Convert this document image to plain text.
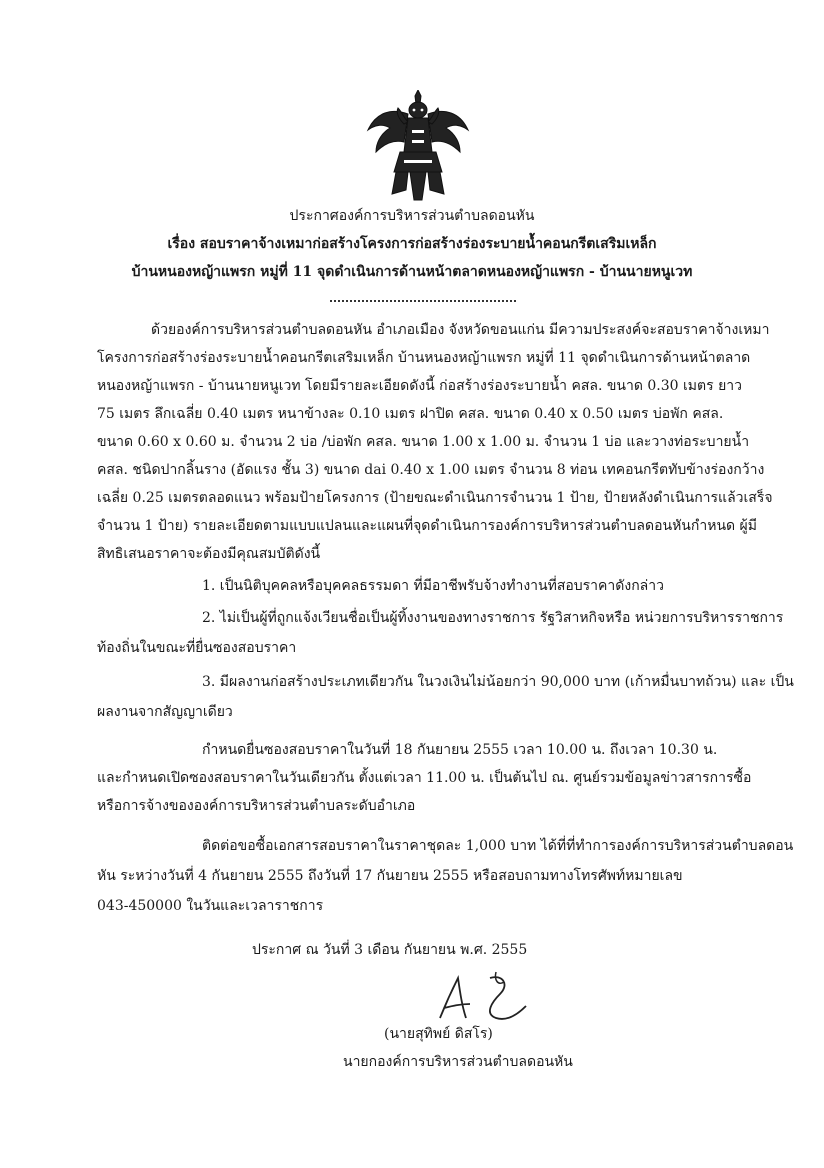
ประกาศองค์การบริหารส่วนตำบลดอนหัน
เรื่อง สอบราคาจ้างเหมาก่อสร้างโครงการก่อสร้างร่องระบายน้ำคอนกรีตเสริมเหล็ก
บ้านหนองหญ้าแพรก หมู่ที่ 11 จุดดำเนินการด้านหน้าตลาดหนองหญ้าแพรก - บ้านนายหนูเวท
ด้วยองค์การบริหารส่วนตำบลดอนหัน อำเภอเมือง จังหวัดขอนแก่น มีความประสงค์จะสอบราคาจ้างเหมา
โครงการก่อสร้างร่องระบายน้ำคอนกรีตเสริมเหล็ก บ้านหนองหญ้าแพรก หมู่ที่ 11 จุดดำเนินการด้านหน้าตลาด
หนองหญ้าแพรก - บ้านนายหนูเวท โดยมีรายละเอียดดังนี้ ก่อสร้างร่องระบายน้ำ คสล. ขนาด 0.30 เมตร ยาว
75 เมตร ลึกเฉลี่ย 0.40 เมตร หนาข้างละ 0.10 เมตร ฝาปิด คสล. ขนาด 0.40 x 0.50 เมตร บ่อพัก คสล.
ขนาด 0.60 x 0.60 ม. จำนวน 2 บ่อ /บ่อพัก คสล. ขนาด 1.00 x 1.00 ม. จำนวน 1 บ่อ และวางท่อระบายน้ำ
คสล. ชนิดปากลิ้นราง (อัดแรง ชั้น 3) ขนาด dai 0.40 x 1.00 เมตร จำนวน 8 ท่อน เทคอนกรีตทับข้างร่องกว้าง
เฉลี่ย 0.25 เมตรตลอดแนว พร้อมป้ายโครงการ (ป้ายขณะดำเนินการจำนวน 1 ป้าย, ป้ายหลังดำเนินการแล้วเสร็จ
จำนวน 1 ป้าย) รายละเอียดตามแบบแปลนและแผนที่จุดดำเนินการองค์การบริหารส่วนตำบลดอนหันกำหนด ผู้มี
สิทธิเสนอราคาจะต้องมีคุณสมบัติดังนี้
1. เป็นนิติบุคคลหรือบุคคลธรรมดา ที่มีอาชีพรับจ้างทำงานที่สอบราคาดังกล่าว
2. ไม่เป็นผู้ที่ถูกแจ้งเวียนชื่อเป็นผู้ทิ้งงานของทางราชการ รัฐวิสาหกิจหรือ หน่วยการบริหารราชการ
ท้องถิ่นในขณะที่ยื่นซองสอบราคา
3. มีผลงานก่อสร้างประเภทเดียวกัน ในวงเงินไม่น้อยกว่า 90,000 บาท (เก้าหมื่นบาทถ้วน) และ เป็น
ผลงานจากสัญญาเดียว
กำหนดยื่นซองสอบราคาในวันที่ 18 กันยายน 2555 เวลา 10.00 น. ถึงเวลา 10.30 น.
และกำหนดเปิดซองสอบราคาในวันเดียวกัน ตั้งแต่เวลา 11.00 น. เป็นต้นไป ณ. ศูนย์รวมข้อมูลข่าวสารการซื้อ
หรือการจ้างขององค์การบริหารส่วนตำบลระดับอำเภอ
ติดต่อขอซื้อเอกสารสอบราคาในราคาชุดละ 1,000 บาท ได้ที่ที่ทำการองค์การบริหารส่วนตำบลดอน
หัน ระหว่างวันที่ 4 กันยายน 2555 ถึงวันที่ 17 กันยายน 2555 หรือสอบถามทางโทรศัพท์หมายเลข
043-450000 ในวันและเวลาราชการ
ประกาศ ณ วันที่ 3 เดือน กันยายน พ.ศ. 2555
(นายสุทิพย์ ดิสโร)
นายกองค์การบริหารส่วนตำบลดอนหัน
